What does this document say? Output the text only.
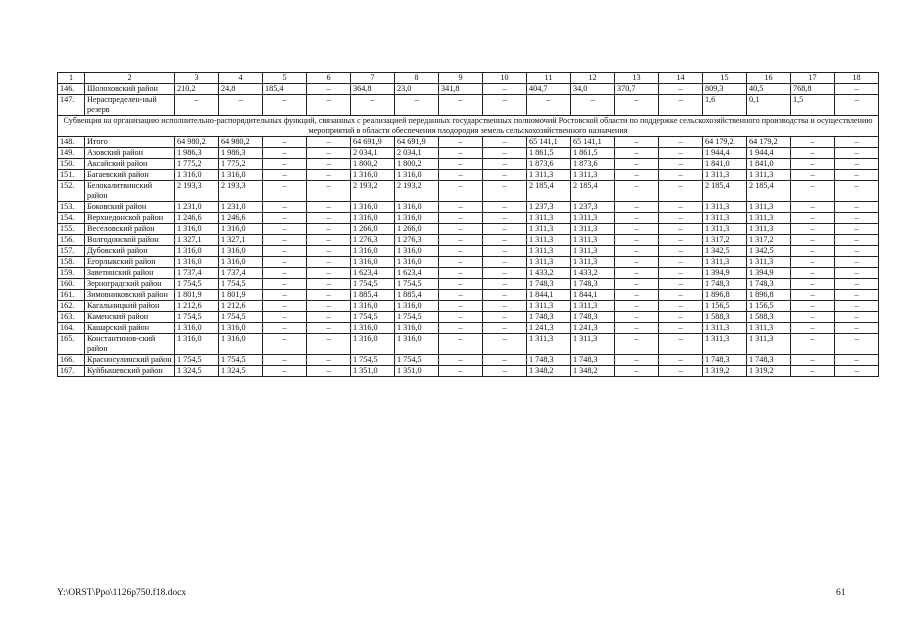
1	2	3	4	5	6	7	8	9	10	11	12	13	14	15	16	17	18
146.	Шолоховский район	210,2	24,8	185,4	–	364,8	23,0	341,8	–	404,7	34,0	370,7	–	809,3	40,5	768,8	–
147.	Нераспределен-ный резерв	–	–	–	–	–	–	–	–	–	–	–	–	1,6	0,1	1,5	–
Субвенция на организацию исполнительно-распорядительных функций, связанных с реализацией переданных государственных полномочий Ростовской области по поддержке сельскохозяйственного производства и осуществлению мероприятий в области обеспечения плодородия земель сельскохозяйственного назначения																	
148.	Итого	64 980,2	64 980,2	–	–	64 691,9	64 691,9	–	–	65 141,1	65 141,1	–	–	64 179,2	64 179,2	–	–
149.	Азовский район	1 986,3	1 986,3	–	–	2 034,1	2 034,1	–	–	1 861,5	1 861,5	–	–	1 944,4	1 944,4	–	–
150.	Аксайский район	1 775,2	1 775,2	–	–	1 800,2	1 800,2	–	–	1 873,6	1 873,6	–	–	1 841,0	1 841,0	–	–
151.	Багаевский район	1 316,0	1 316,0	–	–	1 316,0	1 316,0	–	–	1 311,3	1 311,3	–	–	1 311,3	1 311,3	–	–
152.	Белокалитвинский район	2 193,3	2 193,3	–	–	2 193,2	2 193,2	–	–	2 185,4	2 185,4	–	–	2 185,4	2 185,4	–	–
153.	Боковский район	1 231,0	1 231,0	–	–	1 316,0	1 316,0	–	–	1 237,3	1 237,3	–	–	1 311,3	1 311,3	–	–
154.	Верхнедонской район	1 246,6	1 246,6	–	–	1 316,0	1 316,0	–	–	1 311,3	1 311,3	–	–	1 311,3	1 311,3	–	–
155.	Веселовский район	1 316,0	1 316,0	–	–	1 266,0	1 266,0	–	–	1 311,3	1 311,3	–	–	1 311,3	1 311,3	–	–
156.	Волгодонской район	1 327,1	1 327,1	–	–	1 276,3	1 276,3	–	–	1 311,3	1 311,3	–	–	1 317,2	1 317,2	–	–
157.	Дубовский район	1 316,0	1 316,0	–	–	1 316,0	1 316,0	–	–	1 311,3	1 311,3	–	–	1 342,5	1 342,5	–	–
158.	Егорлыкский район	1 316,0	1 316,0	–	–	1 316,0	1 316,0	–	–	1 311,3	1 311,3	–	–	1 311,3	1 311,3	–	–
159.	Заветинский район	1 737,4	1 737,4	–	–	1 623,4	1 623,4	–	–	1 433,2	1 433,2	–	–	1 394,9	1 394,9	–	–
160.	Зерноградский район	1 754,5	1 754,5	–	–	1 754,5	1 754,5	–	–	1 748,3	1 748,3	–	–	1 748,3	1 748,3	–	–
161.	Зимовниковский район	1 801,9	1 801,9	–	–	1 885,4	1 885,4	–	–	1 844,1	1 844,1	–	–	1 896,8	1 896,8	–	–
162.	Кагальницкий район	1 212,6	1 212,6	–	–	1 316,0	1 316,0	–	–	1 311,3	1 311,3	–	–	1 156,5	1 156,5	–	–
163.	Каменский район	1 754,5	1 754,5	–	–	1 754,5	1 754,5	–	–	1 748,3	1 748,3	–	–	1 588,3	1 588,3	–	–
164.	Кашарский район	1 316,0	1 316,0	–	–	1 316,0	1 316,0	–	–	1 241,3	1 241,3	–	–	1 311,3	1 311,3	–	–
165.	Константинов-ский район	1 316,0	1 316,0	–	–	1 316,0	1 316,0	–	–	1 311,3	1 311,3	–	–	1 311,3	1 311,3	–	–
166.	Красносулинский район	1 754,5	1 754,5	–	–	1 754,5	1 754,5	–	–	1 748,3	1 748,3	–	–	1 748,3	1 748,3	–	–
167.	Куйбышевский район	1 324,5	1 324,5	–	–	1 351,0	1 351,0	–	–	1 348,2	1 348,2	–	–	1 319,2	1 319,2	–	–
Y:\ORST\Ppo\1126p750.f18.docx	61
